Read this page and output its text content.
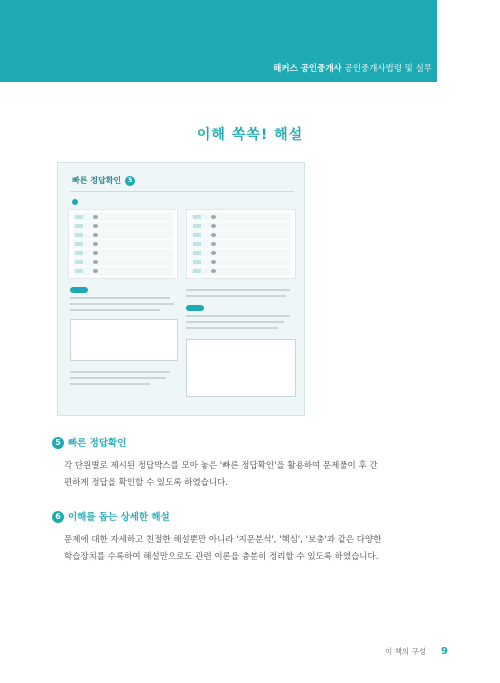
해커스 공인중개사 공인중개사법령 및 실무
이해 쏙쏙! 해설
빠른 정답확인 5
5 빠른 정답확인
각 단원별로 제시된 정답박스를 모아 놓은 '빠른 정답확인'을 활용하여 문제풀이 후 간편하게 정답을 확인할 수 있도록 하였습니다.
6 이해를 돕는 상세한 해설
문제에 대한 자세하고 친절한 해설뿐만 아니라 '지문분석', '핵심', '보충'과 같은 다양한 학습장치를 수록하여 해설만으로도 관련 이론을 충분히 정리할 수 있도록 하였습니다.
이 책의 구성 9
